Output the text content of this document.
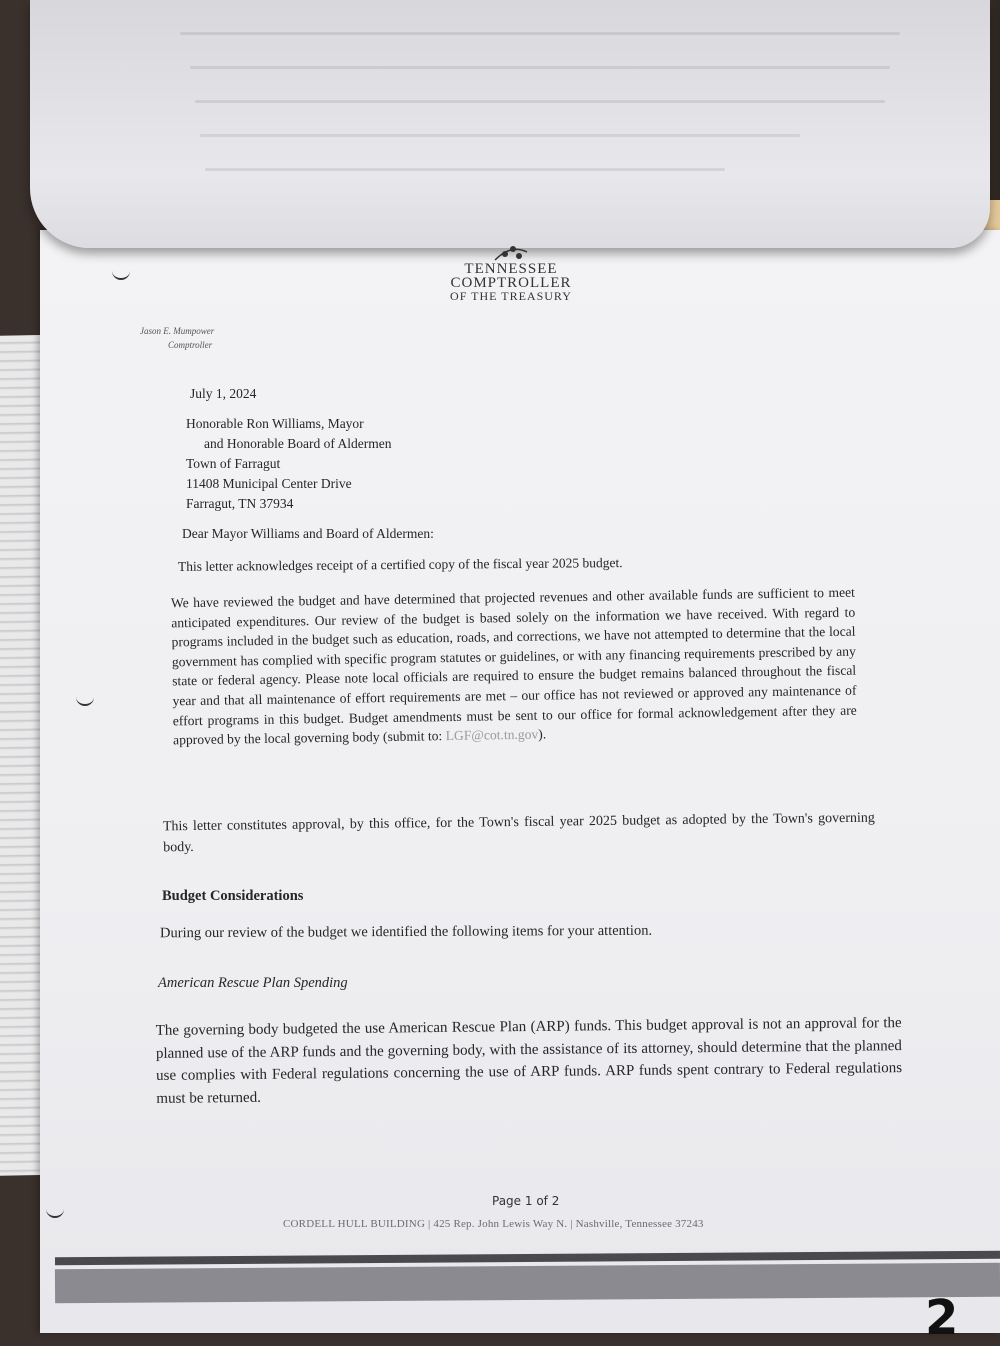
TENNESSEE
COMPTROLLER
OF THE TREASURY
Jason E. Mumpower
Comptroller
July 1, 2024
Honorable Ron Williams, Mayor
and Honorable Board of Aldermen
Town of Farragut
11408 Municipal Center Drive
Farragut, TN 37934
Dear Mayor Williams and Board of Aldermen:
This letter acknowledges receipt of a certified copy of the fiscal year 2025 budget.
We have reviewed the budget and have determined that projected revenues and other available funds are sufficient to meet anticipated expenditures. Our review of the budget is based solely on the information we have received. With regard to programs included in the budget such as education, roads, and corrections, we have not attempted to determine that the local government has complied with specific program statutes or guidelines, or with any financing requirements prescribed by any state or federal agency. Please note local officials are required to ensure the budget remains balanced throughout the fiscal year and that all maintenance of effort requirements are met – our office has not reviewed or approved any maintenance of effort programs in this budget. Budget amendments must be sent to our office for formal acknowledgement after they are approved by the local governing body (submit to: LGF@cot.tn.gov).
This letter constitutes approval, by this office, for the Town's fiscal year 2025 budget as adopted by the Town's governing body.
Budget Considerations
During our review of the budget we identified the following items for your attention.
American Rescue Plan Spending
The governing body budgeted the use American Rescue Plan (ARP) funds. This budget approval is not an approval for the planned use of the ARP funds and the governing body, with the assistance of its attorney, should determine that the planned use complies with Federal regulations concerning the use of ARP funds. ARP funds spent contrary to Federal regulations must be returned.
Page 1 of 2
CORDELL HULL BUILDING | 425 Rep. John Lewis Way N. | Nashville, Tennessee 37243
2
